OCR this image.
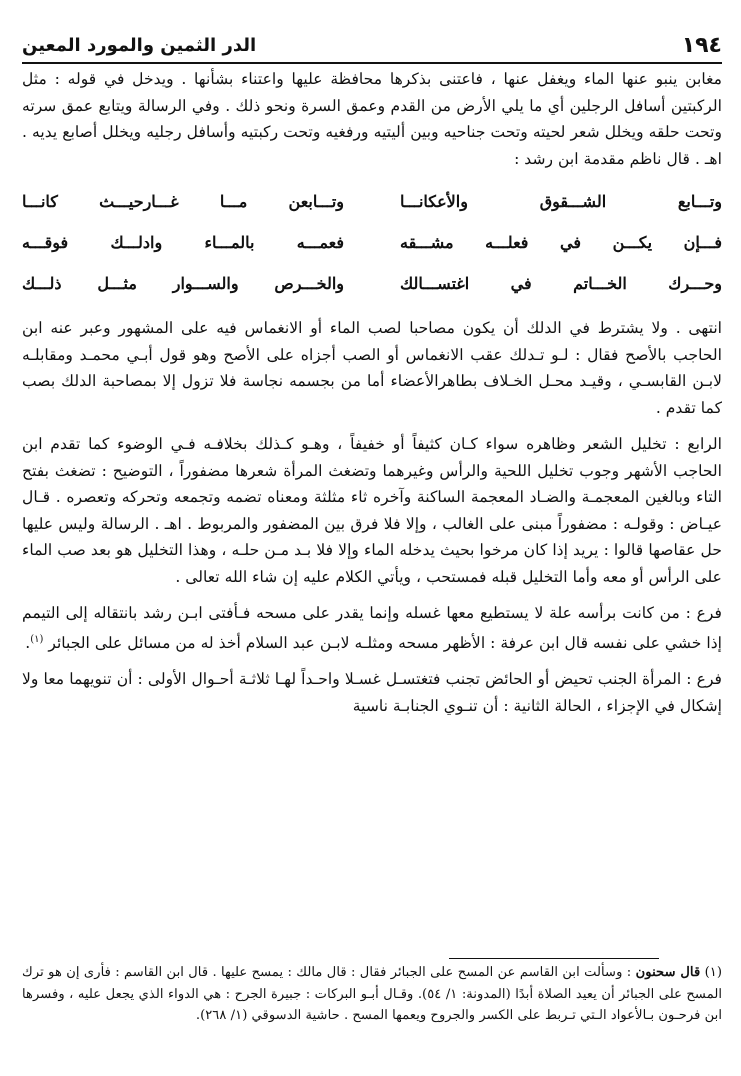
١٩٤
الدر الثمين والمورد المعين

مغابن ينبو عنها الماء ويغفل عنها ، فاعتنى بذكرها محافظة عليها واعتناء بشأنها . ويدخل في قوله : مثل الركبتين أسافل الرجلين أي ما يلي الأرض من القدم وعمق السرة ونحو ذلك . وفي الرسالة ويتابع عمق سرته وتحت حلقه ويخلل شعر لحيته وتحت جناحيه وبين أليتيه ورفغيه وتحت ركبتيه وأسافل رجليه ويخلل أصابع يديه . اهـ . قال ناظم مقدمة ابن رشد :

وتـــابع الشـــقوق والأعكانـــا
وتـــابعن مـــا غـــارحيـــث كانـــا
فـــإن يكـــن في فعلـــه مشـــقه
فعمـــه بالمـــاء وادلـــك فوقـــه
وحـــرك الخـــاتم في اغتســـالك
والخـــرص والســـوار مثـــل ذلـــك

انتهى . ولا يشترط في الدلك أن يكون مصاحبا لصب الماء أو الانغماس فيه على المشهور وعبر عنه ابن الحاجب بالأصح فقال : لـو تـدلك عقب الانغماس أو الصب أجزاه على الأصح وهو قول أبـي محمـد ومقابلـه لابـن القابسـي ، وقيـد محـل الخـلاف بطاهرالأعضاء أما من بجسمه نجاسة فلا تزول إلا بمصاحبة الدلك بصب كما تقدم .

الرابع : تخليل الشعر وظاهره سواء كـان كثيفاً أو خفيفاً ، وهـو كـذلك بخلافـه فـي الوضوء كما تقدم ابن الحاجب الأشهر وجوب تخليل اللحية والرأس وغيرهما وتضغث المرأة شعرها مضفوراً ، التوضيح : تضغث بفتح التاء وبالغين المعجمـة والضـاد المعجمة الساكنة وآخره ثاء مثلثة ومعناه تضمه وتجمعه وتحركه وتعصره . قـال عيـاض : وقولـه : مضفوراً مبنى على الغالب ، وإلا فلا فرق بين المضفور والمربوط . اهـ . الرسالة وليس عليها حل عقاصها قالوا : يريد إذا كان مرخوا بحيث يدخله الماء وإلا فلا بـد مـن حلـه ، وهذا التخليل هو بعد صب الماء على الرأس أو معه وأما التخليل قبله فمستحب ، ويأتي الكلام عليه إن شاء الله تعالى .

فرع : من كانت برأسه علة لا يستطيع معها غسله وإنما يقدر على مسحه فـأفتى ابـن رشد بانتقاله إلى التيمم إذا خشي على نفسه قال ابن عرفة : الأظهر مسحه ومثلـه لابـن عبد السلام أخذ له من مسائل على الجبائر $^{(١)}$.

فرع : المرأة الجنب تحيض أو الحائض تجنب فتغتسـل غسـلا واحـداً لهـا ثلاثـة أحـوال الأولى : أن تنويهما معا ولا إشكال في الإجزاء ، الحالة الثانية : أن تنـوي الجنابـة ناسية

(١) قال سحنون : وسألت ابن القاسم عن المسح على الجبائر فقال : قال مالك : يمسح عليها . قال ابن القاسم : فأرى إن هو ترك المسح على الجبائر أن يعيد الصلاة أبدًا (المدونة: ١/ ٥٤). وقـال أبـو البركات : جبيرة الجرح : هي الدواء الذي يجعل عليه ، وفسرها ابن فرحـون بـالأعواد الـتي تـربط على الكسر والجروح ويعمها المسح . حاشية الدسوقي (١/ ٢٦٨).
